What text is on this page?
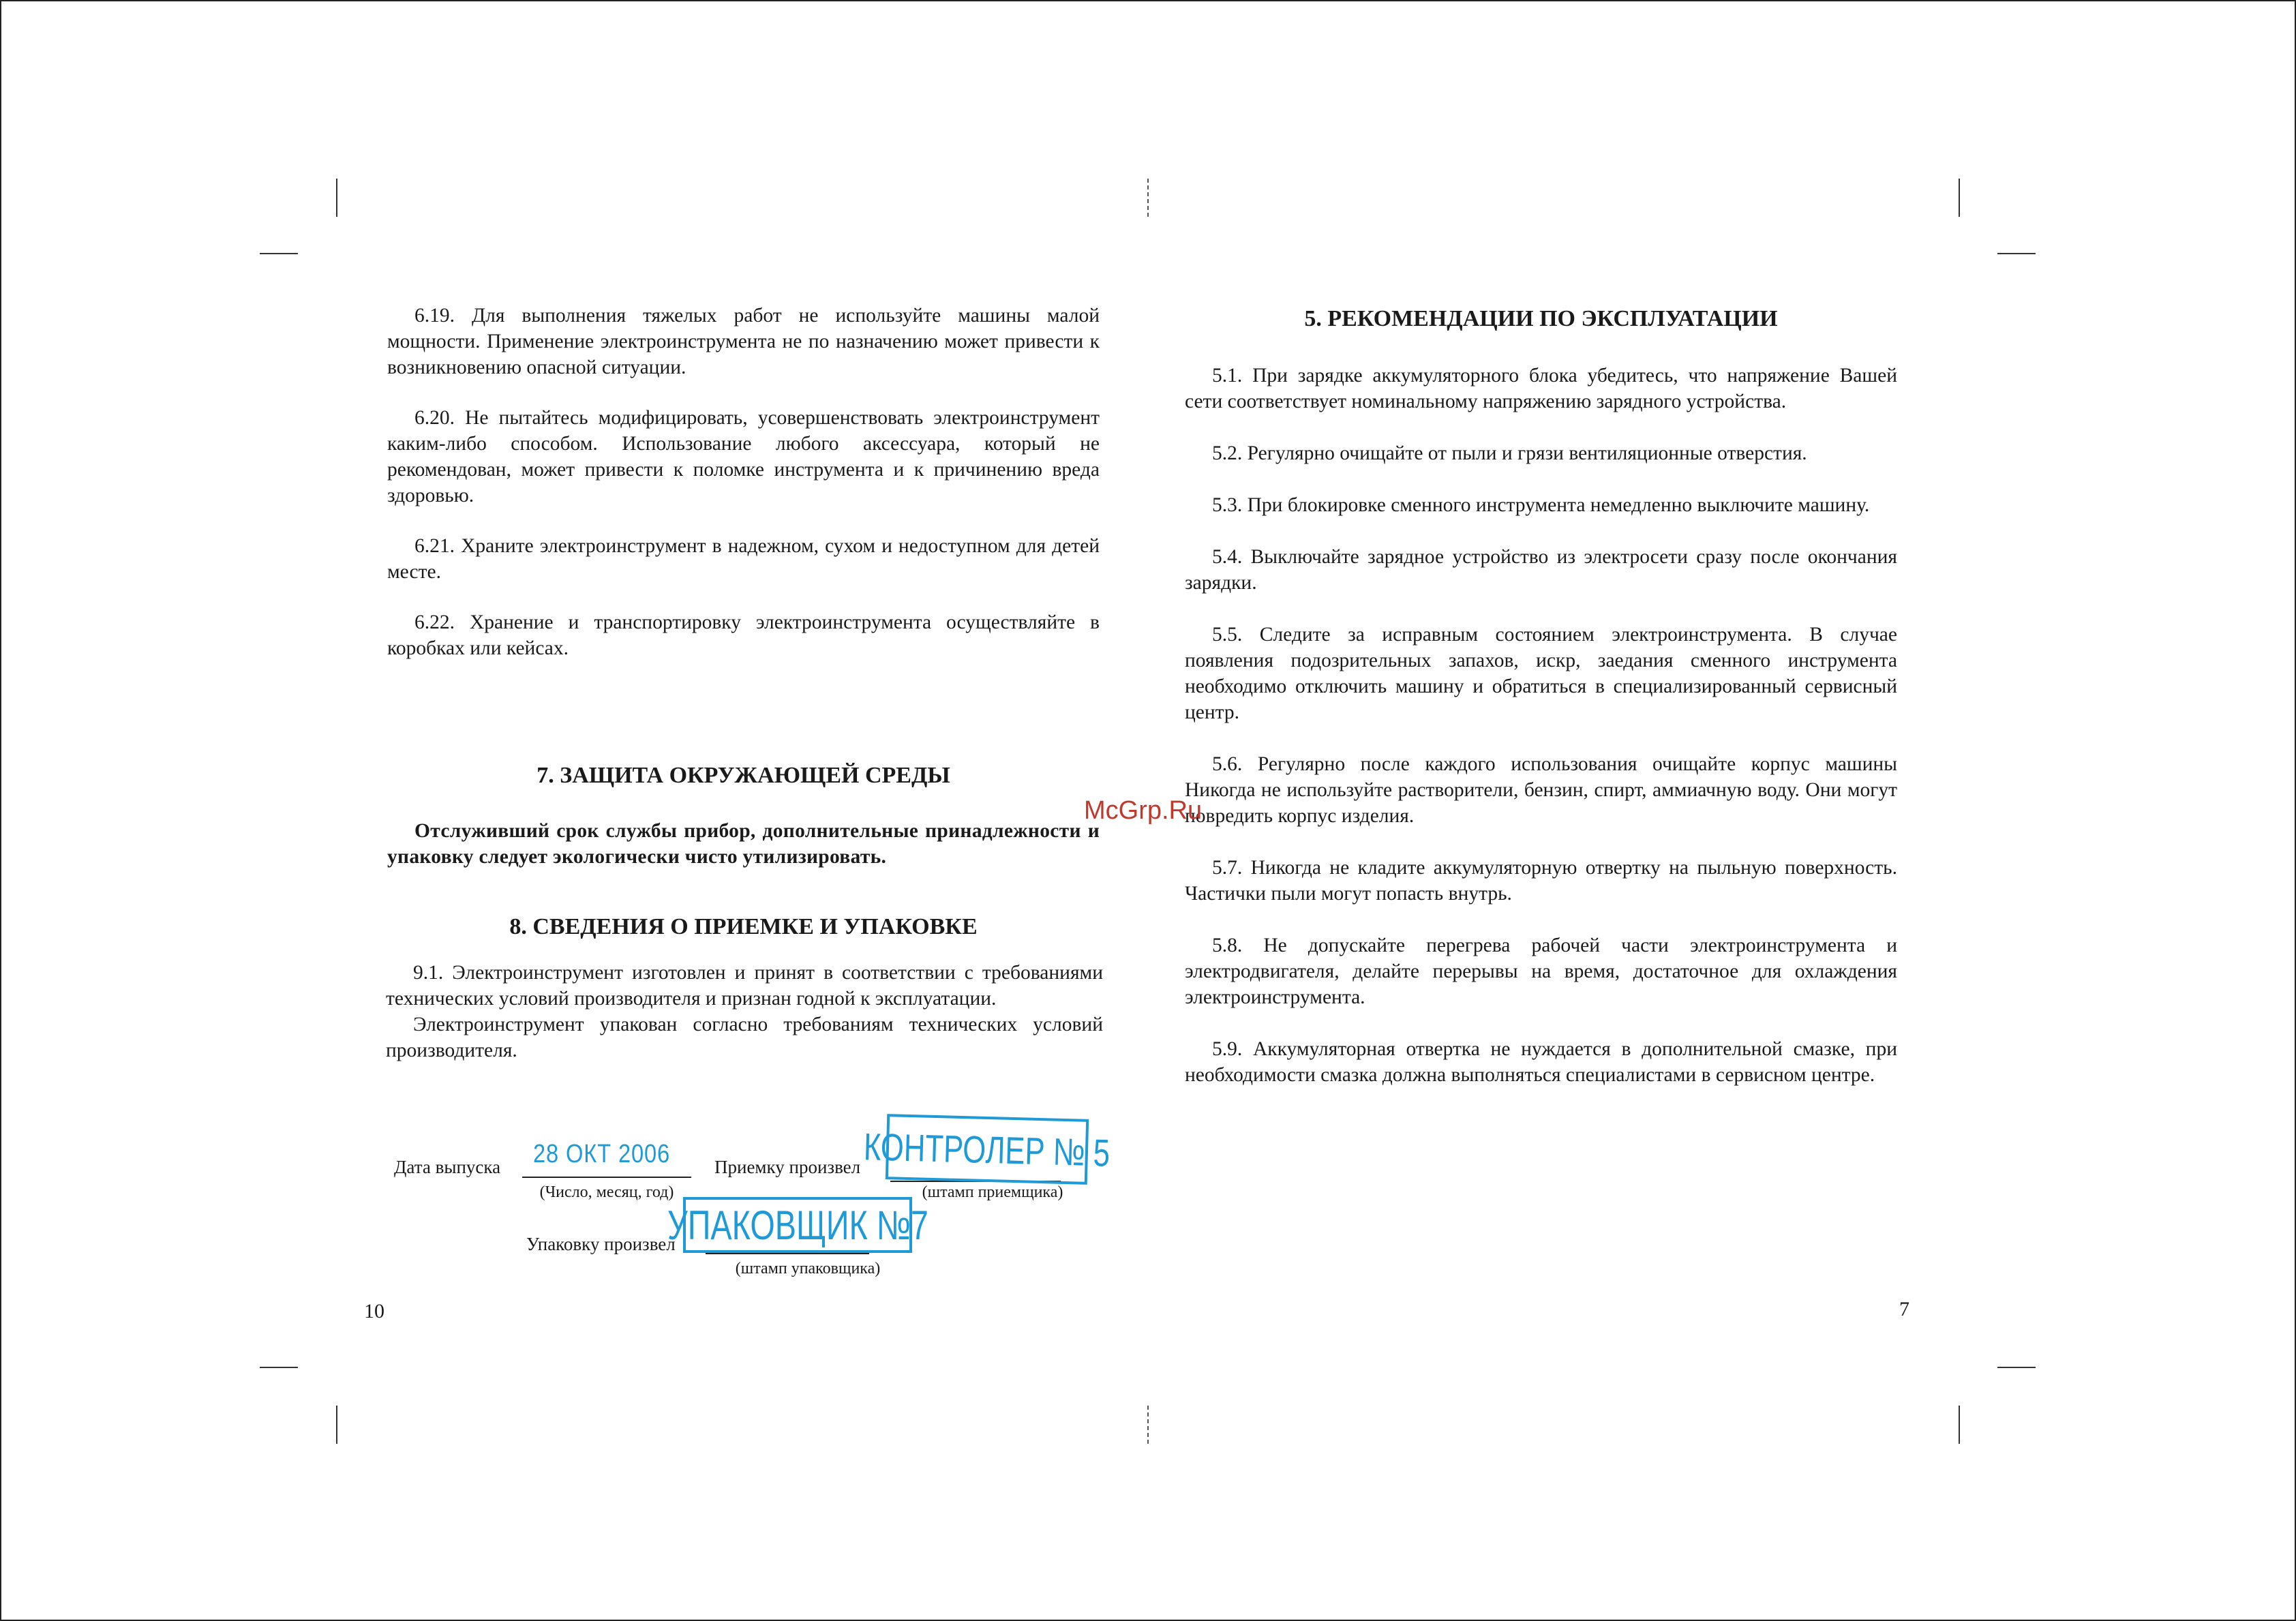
6.19. Для выполнения тяжелых работ не используйте машины малой мощности. Применение электроинструмента не по назначению может привести к возникновению опасной ситуации.

6.20. Не пытайтесь модифицировать, усовершенствовать электроинструмент каким-либо способом. Использование любого аксессуара, который не рекомендован, может привести к поломке инструмента и к причинению вреда здоровью.

6.21. Храните электроинструмент в надежном, сухом и недоступном для детей месте.

6.22. Хранение и транспортировку электроинструмента осуществляйте в коробках или кейсах.

7. ЗАЩИТА ОКРУЖАЮЩЕЙ СРЕДЫ

Отслуживший срок службы прибор, дополнительные принадлежности и упаковку следует экологически чисто утилизировать.

8. СВЕДЕНИЯ О ПРИЕМКЕ И УПАКОВКЕ

9.1. Электроинструмент изготовлен и принят в соответствии с требованиями технических условий производителя и признан годной к эксплуатации.

Электроинструмент упакован согласно требованиям технических условий производителя.

Дата выпуска
(Число, месяц, год)
Приемку произвел
(штамп приемщика)
Упаковку произвел
(штамп упаковщика)
28 ОКТ 2006	КОНТРОЛЕР № 5
УПАКОВЩИК №7
10
5. РЕКОМЕНДАЦИИ ПО ЭКСПЛУАТАЦИИ

5.1. При зарядке аккумуляторного блока убедитесь, что напряжение Вашей сети соответствует номинальному напряжению зарядного устройства.

5.2. Регулярно очищайте от пыли и грязи вентиляционные отверстия.

5.3. При блокировке сменного инструмента немедленно выключите машину.

5.4. Выключайте зарядное устройство из электросети сразу после окончания зарядки.

5.5. Следите за исправным состоянием электроинструмента. В случае появления подозрительных запахов, искр, заедания сменного инструмента необходимо отключить машину и обратиться в специализированный сервисный центр.

5.6. Регулярно после каждого использования очищайте корпус машины Никогда не используйте растворители, бензин, спирт, аммиачную воду. Они могут повредить корпус изделия.

5.7. Никогда не кладите аккумуляторную отвертку на пыльную поверхность. Частички пыли могут попасть внутрь.

5.8. Не допускайте перегрева рабочей части электроинструмента и электродвигателя, делайте перерывы на время, достаточное для охлаждения электроинструмента.

5.9. Аккумуляторная отвертка не нуждается в дополнительной смазке, при необходимости смазка должна выполняться специалистами в сервисном центре.

7
McGrp.Ru
